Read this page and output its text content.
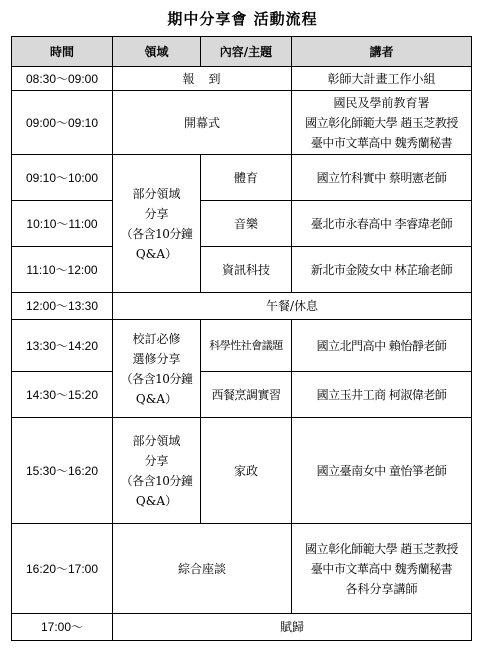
期中分享會 活動流程
時間	領域	內容/主題	講者
08:30～09:00	報　到		彰師大計畫工作小組
09:00～09:10	開幕式		國民及學前教育署
國立彰化師範大學 趙玉芝教授
臺中市文華高中 魏秀蘭秘書

09:10～10:00	部分領域
分享
（各含10分鐘
Q&A）	體育	國立竹科實中 蔡明憲老師
10:10～11:00		音樂	臺北市永春高中 李睿瑋老師
11:10～12:00		資訊科技	新北市金陵女中 林芷瑜老師
12:00～13:30	午餐/休息		
13:30～14:20	校訂必修
選修分享
（各含10分鐘
Q&A）	科學性社會議題	國立北門高中 賴怡靜老師
14:30～15:20		西餐烹調實習	國立玉井工商 柯淑偉老師
15:30～16:20	部分領域
分享
（各含10分鐘
Q&A）	家政	國立臺南女中 童怡箏老師
16:20～17:00	綜合座談		國立彰化師範大學 趙玉芝教授
臺中市文華高中 魏秀蘭秘書
各科分享講師

17:00～	賦歸		
